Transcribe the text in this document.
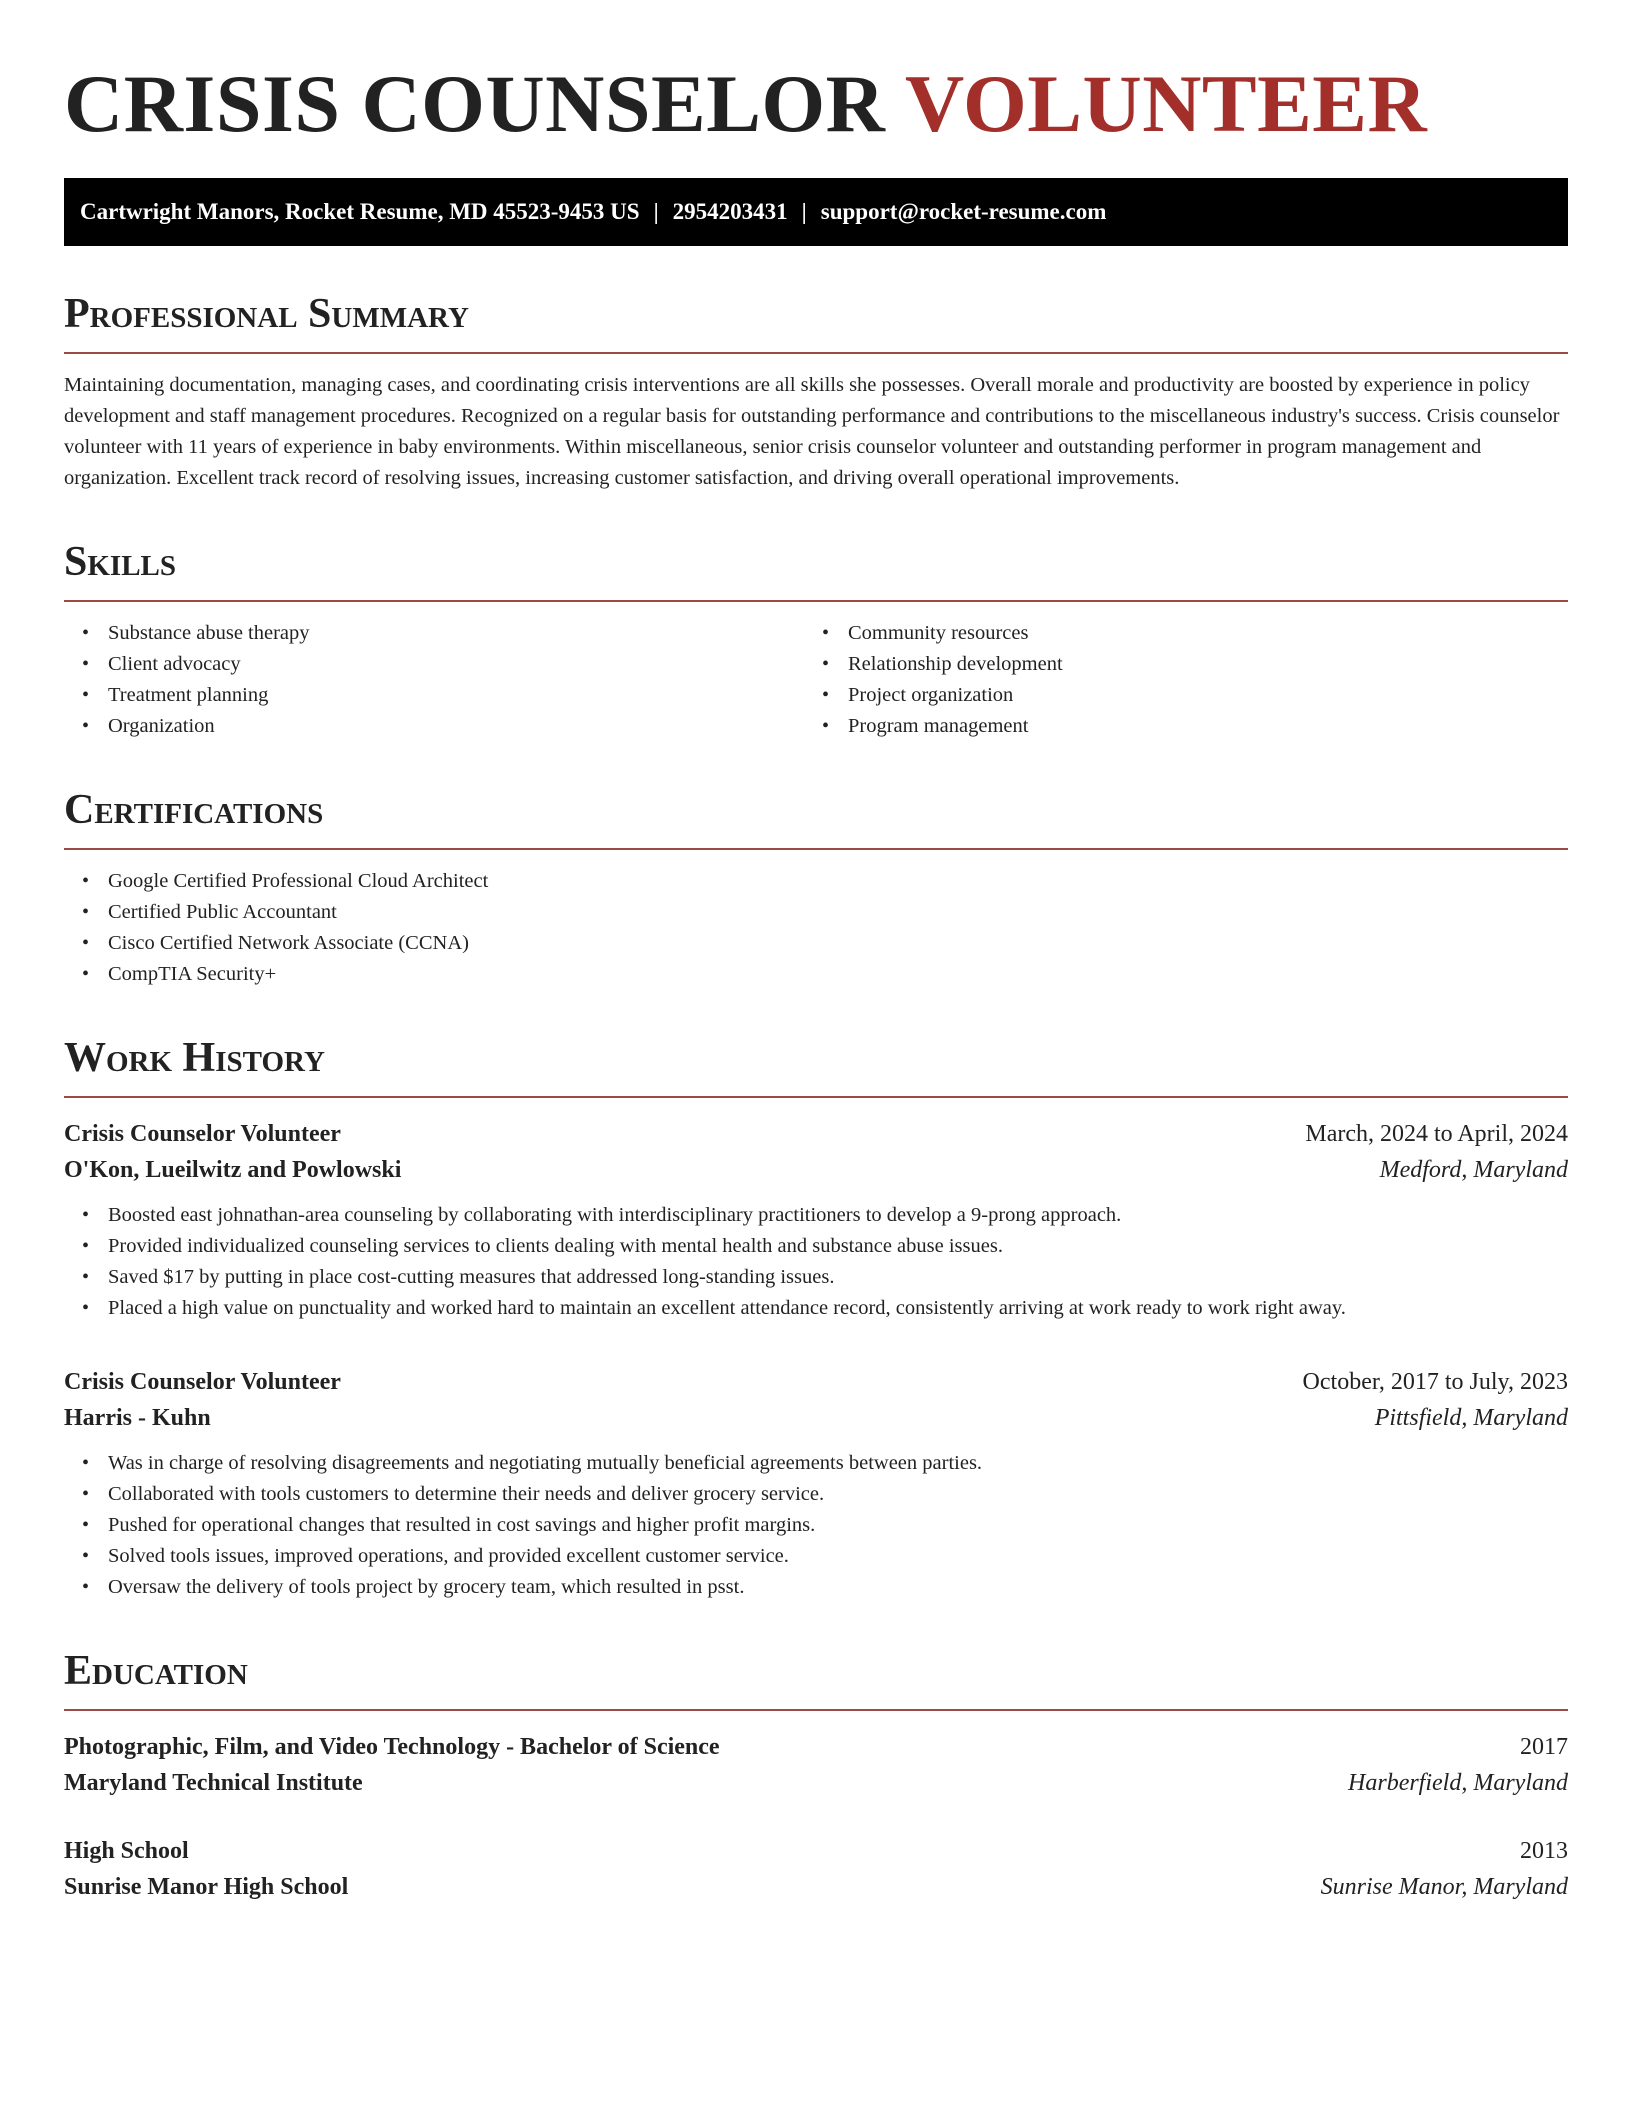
CRISIS COUNSELOR VOLUNTEER
Cartwright Manors, Rocket Resume, MD 45523-9453 US | 2954203431 | support@rocket-resume.com
Professional Summary

Maintaining documentation, managing cases, and coordinating crisis interventions are all skills she possesses. Overall morale and productivity are boosted by experience in policy development and staff management procedures. Recognized on a regular basis for outstanding performance and contributions to the miscellaneous industry's success. Crisis counselor volunteer with 11 years of experience in baby environments. Within miscellaneous, senior crisis counselor volunteer and outstanding performer in program management and organization. Excellent track record of resolving issues, increasing customer satisfaction, and driving overall operational improvements.

Skills
• Substance abuse therapy
• Client advocacy
• Treatment planning
• Organization
• Community resources
• Relationship development
• Project organization
• Program management
Certifications
• Google Certified Professional Cloud Architect
• Certified Public Accountant
• Cisco Certified Network Associate (CCNA)
• CompTIA Security+
Work History
Crisis Counselor Volunteer	March, 2024 to April, 2024
O'Kon, Lueilwitz and Powlowski	Medford, Maryland
• Boosted east johnathan-area counseling by collaborating with interdisciplinary practitioners to develop a 9-prong approach.
• Provided individualized counseling services to clients dealing with mental health and substance abuse issues.
• Saved $17 by putting in place cost-cutting measures that addressed long-standing issues.
• Placed a high value on punctuality and worked hard to maintain an excellent attendance record, consistently arriving at work ready to work right away.
Crisis Counselor Volunteer	October, 2017 to July, 2023
Harris - Kuhn	Pittsfield, Maryland
• Was in charge of resolving disagreements and negotiating mutually beneficial agreements between parties.
• Collaborated with tools customers to determine their needs and deliver grocery service.
• Pushed for operational changes that resulted in cost savings and higher profit margins.
• Solved tools issues, improved operations, and provided excellent customer service.
• Oversaw the delivery of tools project by grocery team, which resulted in psst.
Education
Photographic, Film, and Video Technology - Bachelor of Science	2017
Maryland Technical Institute	Harberfield, Maryland
High School	2013
Sunrise Manor High School	Sunrise Manor, Maryland
